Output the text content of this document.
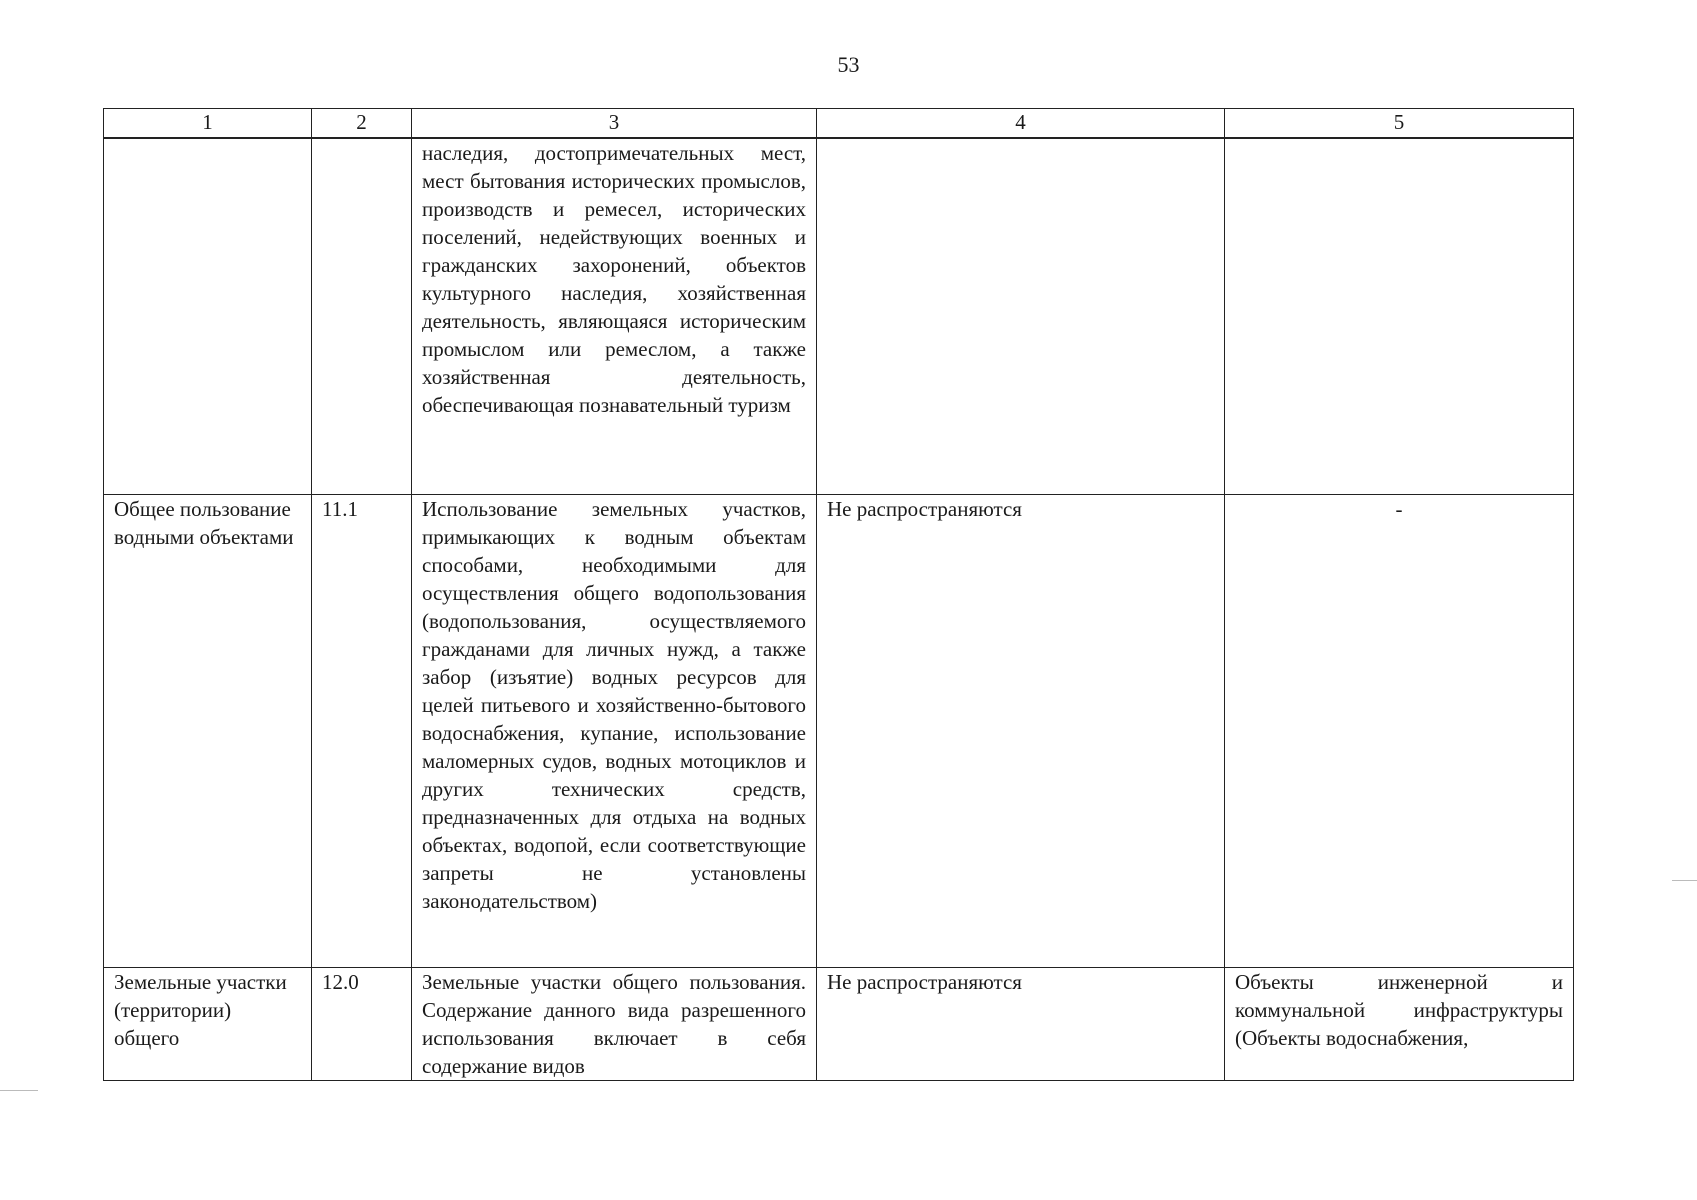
53
1	2	3	4	5
		наследия, достопримечательных мест, мест бытования исторических промыслов, производств и ремесел, исторических поселений, недействующих военных и гражданских захоронений, объектов культурного наследия, хозяйственная деятельность, являющаяся историческим промыслом или ремеслом, а также хозяйственная деятельность, обеспечивающая познавательный туризм		
Общее пользование водными объектами	11.1	Использование земельных участков, примыкающих к водным объектам способами, необходимыми для осуществления общего водопользования (водопользования, осуществляемого гражданами для личных нужд, а также забор (изъятие) водных ресурсов для целей питьевого и хозяйственно-бытового водоснабжения, купание, использование маломерных судов, водных мотоциклов и других технических средств, предназначенных для отдыха на водных объектах, водопой, если соответствующие запреты не установлены законодательством)	Не распространяются	-
Земельные участки (территории) общего	12.0	Земельные участки общего пользования. Содержание данного вида разрешенного использования включает в себя содержание видов	Не распространяются	Объекты инженерной и коммунальной инфраструктуры (Объекты водоснабжения,
